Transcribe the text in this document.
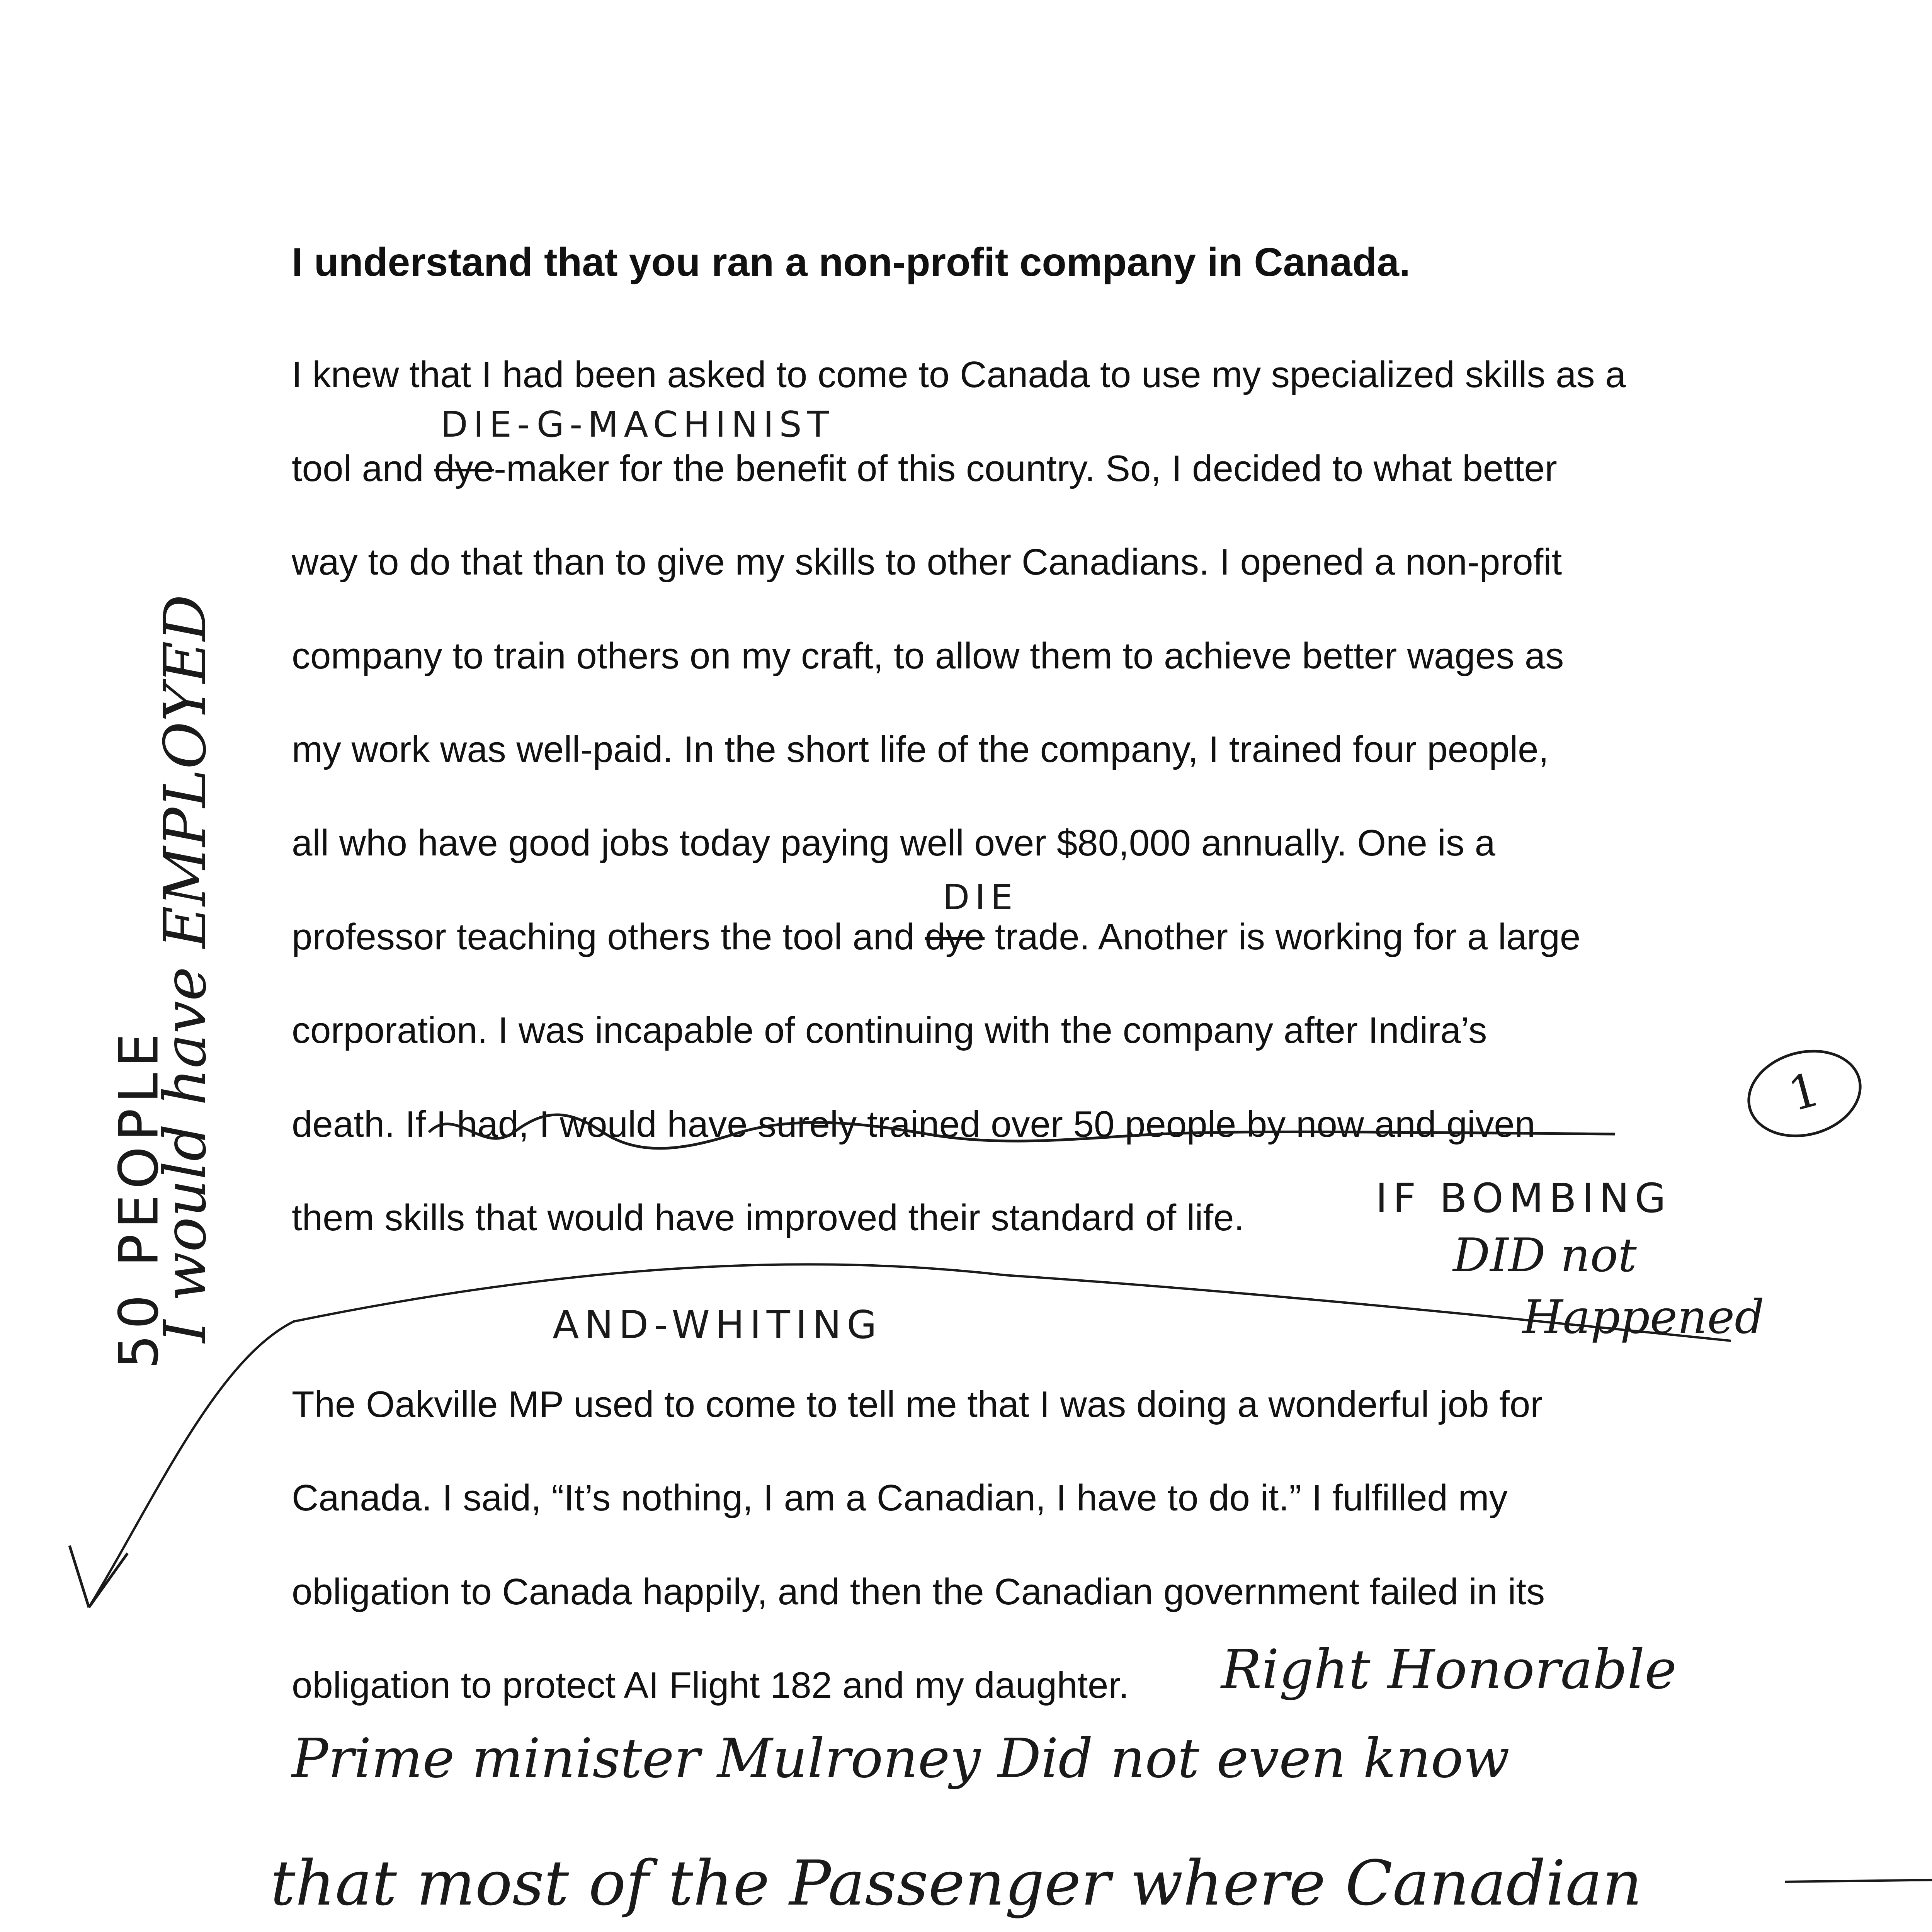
I understand that you ran a non-profit company in Canada.
I knew that I had been asked to come to Canada to use my specialized skills as a
tool and dye-maker for the benefit of this country. So, I decided to what better
way to do that than to give my skills to other Canadians. I opened a non-profit
company to train others on my craft, to allow them to achieve better wages as
my work was well-paid. In the short life of the company, I trained four people,
all who have good jobs today paying well over $80,000 annually. One is a
professor teaching others the tool and dye trade. Another is working for a large
corporation. I was incapable of continuing with the company after Indira’s
death. If I had, I would have surely trained over 50 people by now and given
them skills that would have improved their standard of life.
The Oakville MP used to come to tell me that I was doing a wonderful job for
Canada. I said, “It’s nothing, I am a Canadian, I have to do it.” I fulfilled my
obligation to Canada happily, and then the Canadian government failed in its
obligation to protect AI Flight 182 and my daughter.
DIE-G-MACHINIST
DIE
IF BOMBING
DID not
Happened
AND-WHITING
1
I would have EMPLOYED
50 PEOPLE
Right Honorable
Prime minister Mulroney Did not even know
that most of the Passenger where Canadian
